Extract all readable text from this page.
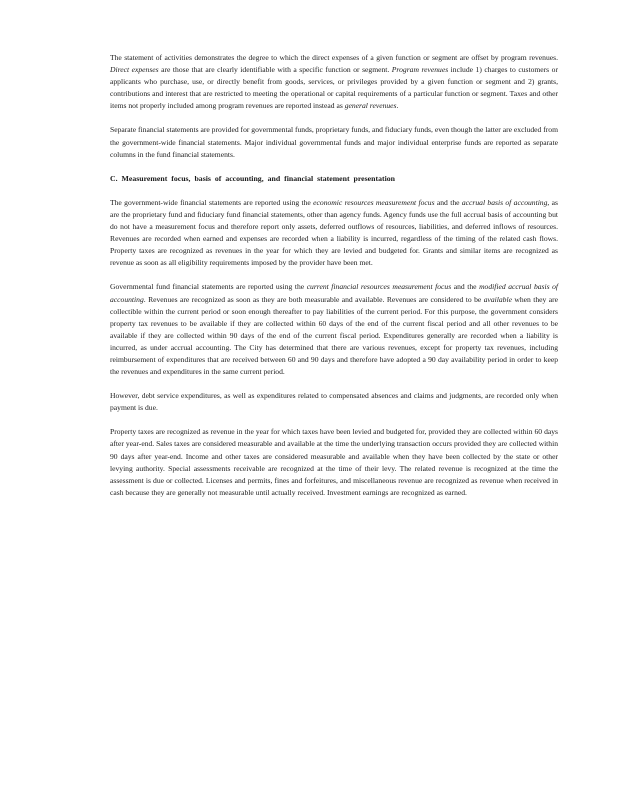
The statement of activities demonstrates the degree to which the direct expenses of a given function or segment are offset by program revenues. Direct expenses are those that are clearly identifiable with a specific function or segment. Program revenues include 1) charges to customers or applicants who purchase, use, or directly benefit from goods, services, or privileges provided by a given function or segment and 2) grants, contributions and interest that are restricted to meeting the operational or capital requirements of a particular function or segment. Taxes and other items not properly included among program revenues are reported instead as general revenues.

Separate financial statements are provided for governmental funds, proprietary funds, and fiduciary funds, even though the latter are excluded from the government-wide financial statements. Major individual governmental funds and major individual enterprise funds are reported as separate columns in the fund financial statements.

C. Measurement focus, basis of accounting, and financial statement presentation

The government-wide financial statements are reported using the economic resources measurement focus and the accrual basis of accounting, as are the proprietary fund and fiduciary fund financial statements, other than agency funds. Agency funds use the full accrual basis of accounting but do not have a measurement focus and therefore report only assets, deferred outflows of resources, liabilities, and deferred inflows of resources. Revenues are recorded when earned and expenses are recorded when a liability is incurred, regardless of the timing of the related cash flows. Property taxes are recognized as revenues in the year for which they are levied and budgeted for. Grants and similar items are recognized as revenue as soon as all eligibility requirements imposed by the provider have been met.

Governmental fund financial statements are reported using the current financial resources measurement focus and the modified accrual basis of accounting. Revenues are recognized as soon as they are both measurable and available. Revenues are considered to be available when they are collectible within the current period or soon enough thereafter to pay liabilities of the current period. For this purpose, the government considers property tax revenues to be available if they are collected within 60 days of the end of the current fiscal period and all other revenues to be available if they are collected within 90 days of the end of the current fiscal period. Expenditures generally are recorded when a liability is incurred, as under accrual accounting. The City has determined that there are various revenues, except for property tax revenues, including reimbursement of expenditures that are received between 60 and 90 days and therefore have adopted a 90 day availability period in order to keep the revenues and expenditures in the same current period.

However, debt service expenditures, as well as expenditures related to compensated absences and claims and judgments, are recorded only when payment is due.

Property taxes are recognized as revenue in the year for which taxes have been levied and budgeted for, provided they are collected within 60 days after year-end. Sales taxes are considered measurable and available at the time the underlying transaction occurs provided they are collected within 90 days after year-end. Income and other taxes are considered measurable and available when they have been collected by the state or other levying authority. Special assessments receivable are recognized at the time of their levy. The related revenue is recognized at the time the assessment is due or collected. Licenses and permits, fines and forfeitures, and miscellaneous revenue are recognized as revenue when received in cash because they are generally not measurable until actually received. Investment earnings are recognized as earned.
